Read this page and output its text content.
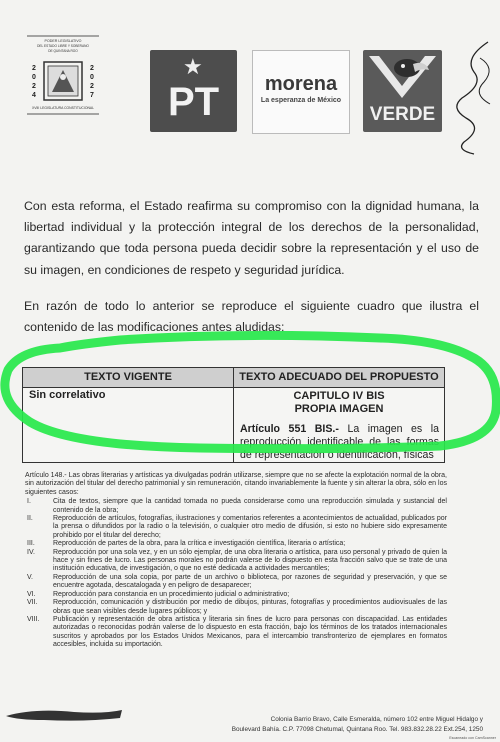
PODER LEGISLATIVO
DEL ESTADO LIBRE Y SOBERANO
DE QUINTANA ROO
2
0
2
4
2
0
2
7
XVIII LEGISLATURA CONSTITUCIONAL
★
PT	morena
La esperanza de México
VERDE
Con esta reforma, el Estado reafirma su compromiso con la dignidad humana, la libertad individual y la protección integral de los derechos de la personalidad, garantizando que toda persona pueda decidir sobre la representación y el uso de su imagen, en condiciones de respeto y seguridad jurídica.
En razón de todo lo anterior se reproduce el siguiente cuadro que ilustra el contenido de las modificaciones antes aludidas:
TEXTO VIGENTE	TEXTO ADECUADO DEL PROPUESTO
Sin correlativo	CAPITULO IV BIS
PROPIA IMAGEN
Artículo 551 BIS.- La imagen es la reproducción identificable de las formas de representación o identificación, físicas
Artículo 148.- Las obras literarias y artísticas ya divulgadas podrán utilizarse, siempre que no se afecte la explotación normal de la obra, sin autorización del titular del derecho patrimonial y sin remuneración, citando invariablemente la fuente y sin alterar la obra, sólo en los siguientes casos:
I.	Cita de textos, siempre que la cantidad tomada no pueda considerarse como una reproducción simulada y sustancial del contenido de la obra;
II.	Reproducción de artículos, fotografías, ilustraciones y comentarios referentes a acontecimientos de actualidad, publicados por la prensa o difundidos por la radio o la televisión, o cualquier otro medio de difusión, si esto no hubiere sido expresamente prohibido por el titular del derecho;
III.	Reproducción de partes de la obra, para la crítica e investigación científica, literaria o artística;
IV.	Reproducción por una sola vez, y en un sólo ejemplar, de una obra literaria o artística, para uso personal y privado de quien la hace y sin fines de lucro. Las personas morales no podrán valerse de lo dispuesto en esta fracción salvo que se trate de una institución educativa, de investigación, o que no esté dedicada a actividades mercantiles;
V.	Reproducción de una sola copia, por parte de un archivo o biblioteca, por razones de seguridad y preservación, y que se encuentre agotada, descatalogada y en peligro de desaparecer;
VI.	Reproducción para constancia en un procedimiento judicial o administrativo;
VII.	Reproducción, comunicación y distribución por medio de dibujos, pinturas, fotografías y procedimientos audiovisuales de las obras que sean visibles desde lugares públicos; y
VIII.	Publicación y representación de obra artística y literaria sin fines de lucro para personas con discapacidad. Las entidades autorizadas o reconocidas podrán valerse de lo dispuesto en esta fracción, bajo los términos de los tratados internacionales suscritos y aprobados por los Estados Unidos Mexicanos, para el intercambio transfronterizo de ejemplares en formatos accesibles, incluida su importación.
Colonia Barrio Bravo, Calle Esmeralda, número 102 entre Miguel Hidalgo y
Boulevard Bahía. C.P. 77098 Chetumal, Quintana Roo. Tel. 983.832.28.22 Ext.254, 1250
Escaneado con CamScanner
